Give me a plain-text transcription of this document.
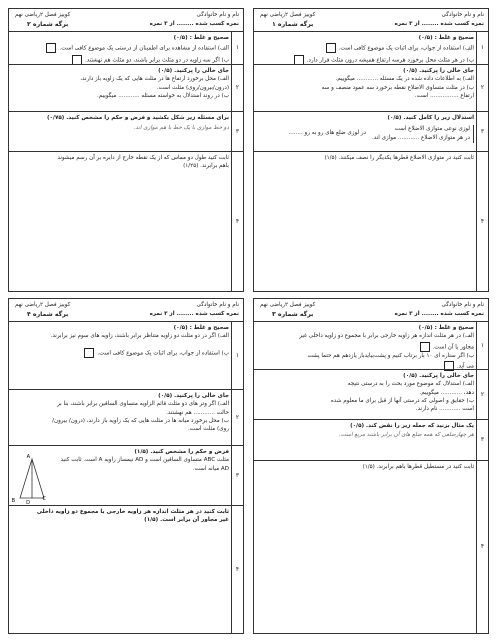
نام و نام خانوادگی
کوییز فصل ۲ریاضی نهم
نمره کسب شده ........ از ۳ نمره
برگه شماره ۱
۱
صحیح و غلط : (۰/۵)
الف) استفاده از جواب، برای اثبات یک موضوع کافی است.
ب) در هر مثلث محل برخورد هرسه ارتفاع همیشه درون مثلث قرار دارد.
۲
جای خالی را پرکنید. (۰/۵)
الف) به اطلاعات داده شده در یک مسئله ............ میگوییم.
ب) در مثلث متساوی الاضلاع نقطه برخورد سه عمود منصف و سه
ارتفاع ................ است.
۳
استدلال زیر را کامل کنید. (۰/۵)
لوزی نوعی متوازی الاضلاع است
در هر متوازی الاضلاع ............ موازی اند.
در لوزی ضلع های رو به رو ........
۴
ثابت کنید در متوازی الاضلاع قطرها یکدیگر را نصف میکنند. (۱/۵)
نام و نام خانوادگی
کوییز فصل ۲ریاضی نهم
نمره کسب شده ........ از ۳ نمره
برگه شماره ۲
۱
صحیح و غلط : (۰/۵)
الف) استفاده از مشاهده برای اطمینان از درستی یک موضوع کافی است.
ب) اگر سه زاویه در دو مثلث برابر باشند، دو مثلث هم نهشتند.
۲
جای خالی را پرکنید. (۰/۵)
الف) محل برخورد ارتفاع ها در مثلث هایی که یک زاویه باز دارند،
(درون/بیرون/روی) مثلث است.
ب) در روند استدلال به خواسته مسئله ............ میگوییم.
۳
برای مسئله زیر شکل بکشید و فرض و حکم را مشخص کنید. (۰/۷۵)
دو خط موازی با یک خط با هم موازی اند.
۴
ثابت کنید طول دو مماس که از یک نقطه خارج از دایره بر آن رسم میشوند
باهم برابرند. (۱/۲۵)
نام و نام خانوادگی
کوییز فصل ۲ریاضی نهم
نمره کسب شده ........ از ۳ نمره
برگه شماره ۳
۱
صحیح و غلط : (۰/۵)
الف) در هر مثلث اندازه هر زاویه خارجی برابر با مجموع دو زاویه داخلی غیر
مجاور با آن است.
ب) اگر ستاره ای ۱۰ بار برتاب کنیم و پشت‌بیایدبار یازدهم هم حتما پشت
می آید.
۲
جای خالی را پرکنید. (۰/۵)
الف) استدلال که موضوع مورد بحث را به درستی نتیجه
دهد، ............ میگوییم.
ب) حقایق و اصولی که درستی آنها از قبل برای ما معلوم شده
است ............ نام دارند.
۳
یک مثال بزنید که جمله زیر را نقض کند. (۰/۵)
هر چهارضلعی که همه ضلع های آن برابر باشند مربع است.
۴
ثابت کنید در مستطیل قطرها باهم برابرند. (۱/۵)
نام و نام خانوادگی
کوییز فصل ۲ریاضی نهم
نمره کسب شده ........ از ۳ نمره
برگه شماره ۴
۱
صحیح و غلط : (۰/۵)
الف) اگر در دو مثلث دو زاویه متناظر برابر باشند، زاویه های سوم نیز برابرند.
ب) استفاده از جواب، برای اثبات یک موضوع کافی است.
۲
جای خالی را پرکنید. (۰/۵)
الف) اگر وتر های دو مثلث قائم الزاویه متساوی الساقین برابر باشند، بنا بر
حالت ............ هم نهشتند.
ب) محل برخورد میانه ها در مثلث هایی که یک زاویه باز دارند، (درون/ بیرون/
روی) مثلث است.
۳
فرض و حکم را مشخص کنید. (۱/۵)
مثلث ABC متساوی الساقین است و AD نیمساز زاویه A است. ثابت کنید
AD میانه است.
A
B D
C
۴
ثابت کنید در هر مثلث اندازه هر زاویه خارجی با مجموع دو زاویه داخلی
غیر مجاور آن برابر است. (۱/۵)
